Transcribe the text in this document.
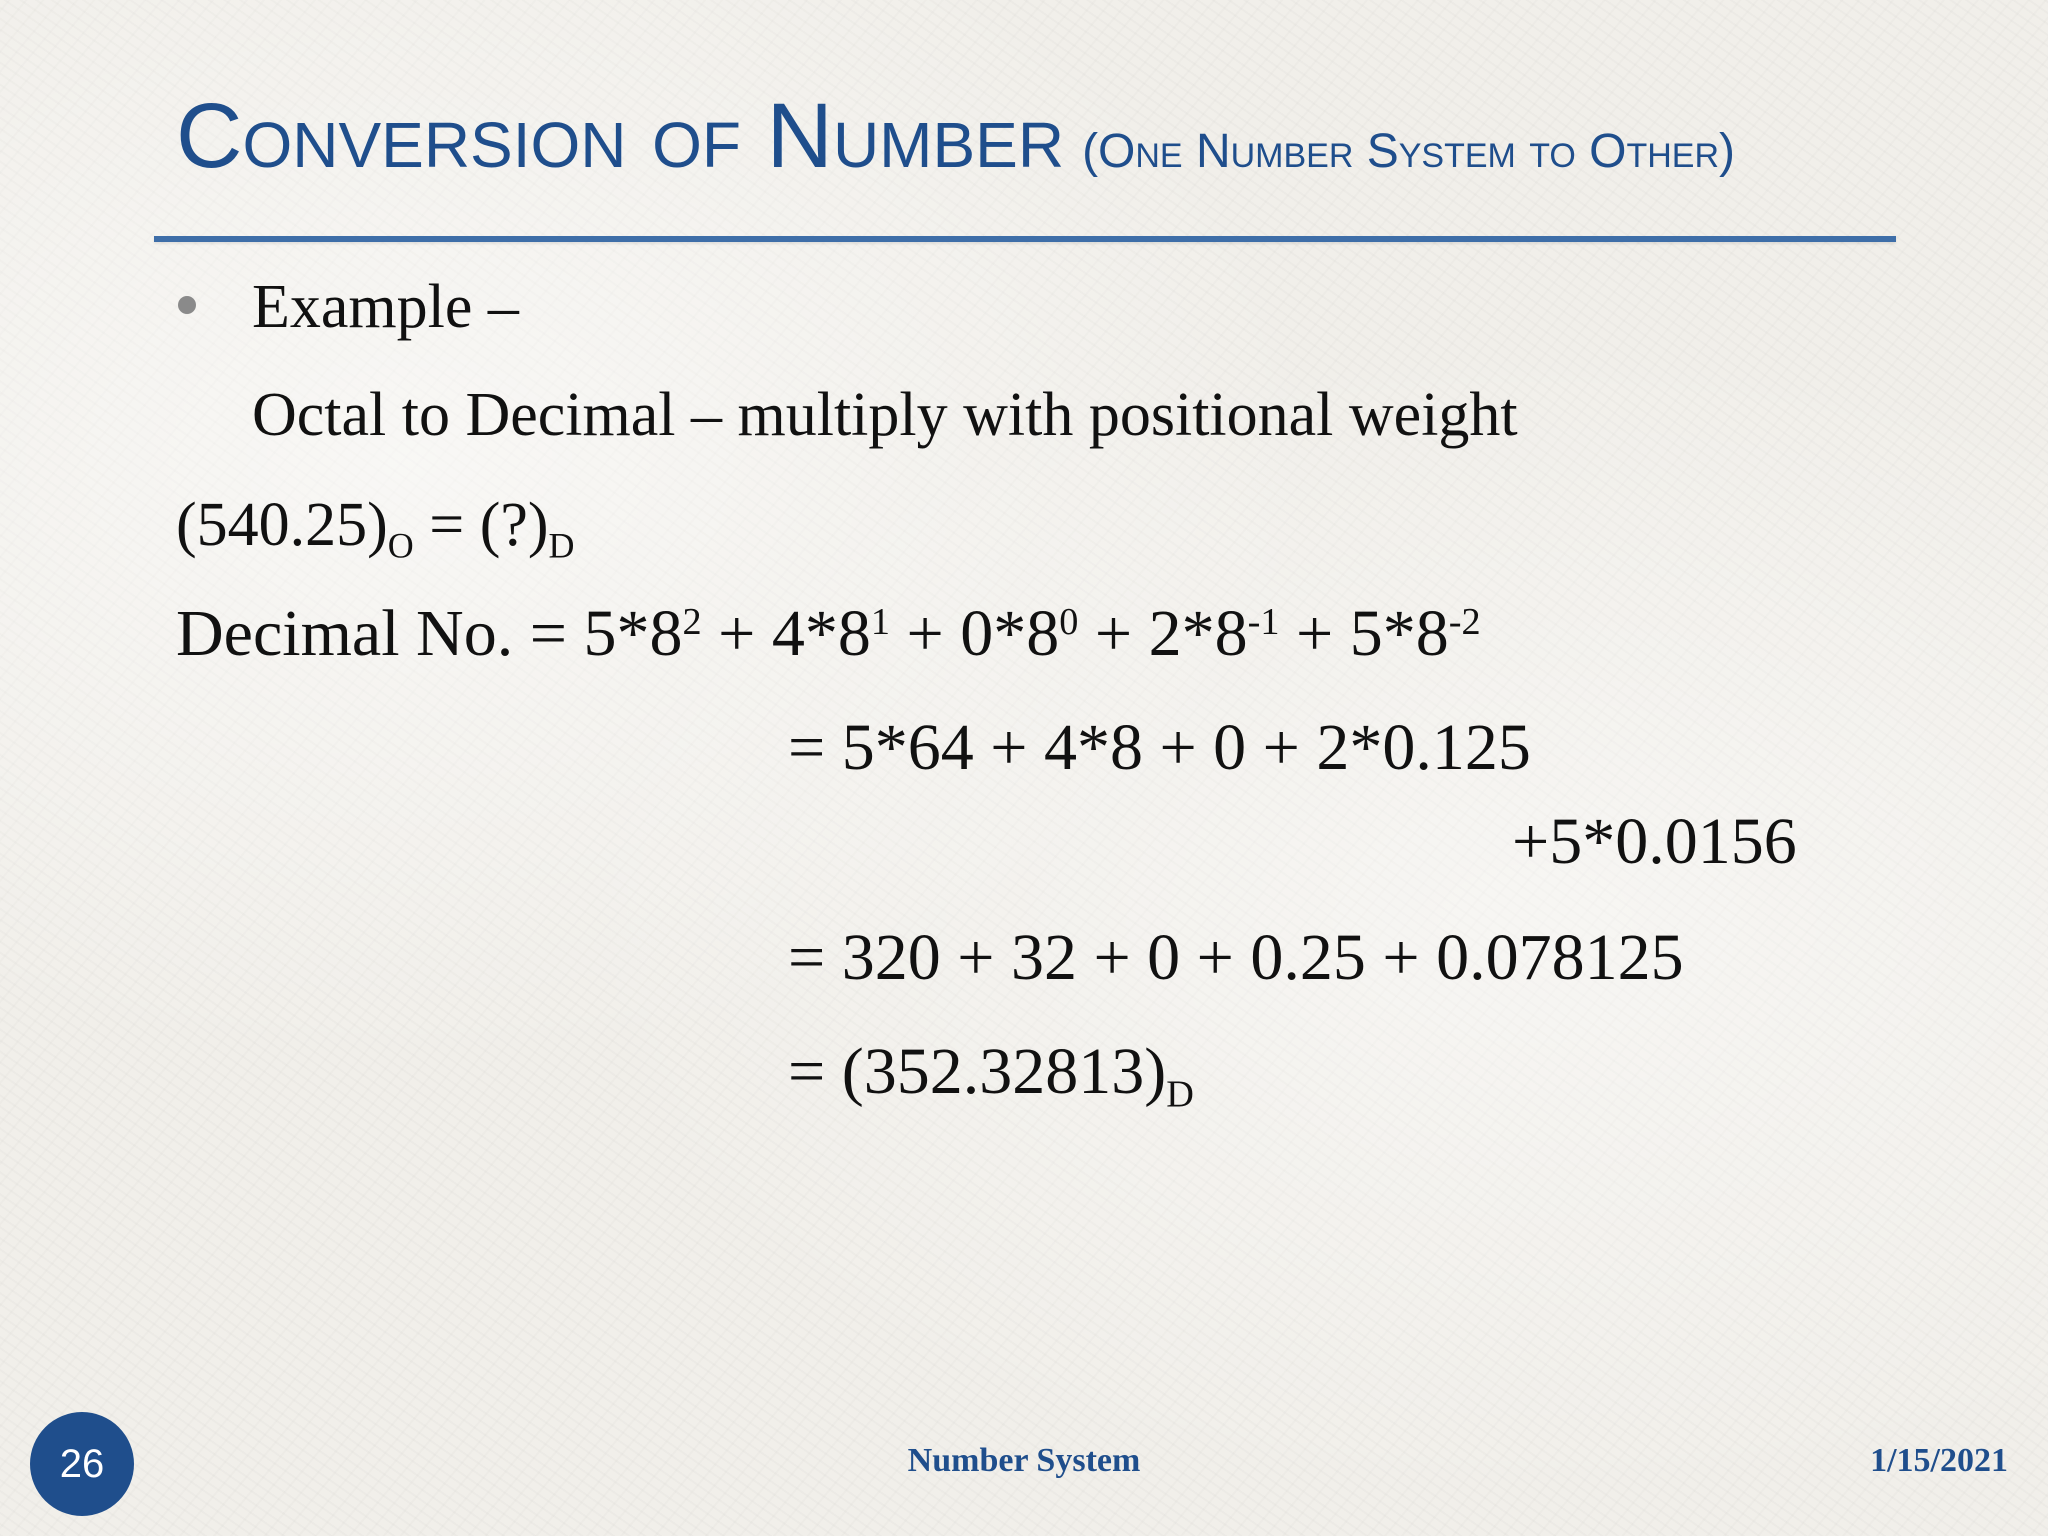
Conversion of Number (One Number System to Other)
Example –
Octal to Decimal – multiply with positional weight
$(540.25)_O$ = $(?)_D$
Decimal No. = $5*8^2 + 4*8^1 + 0*8^0 + 2*8^{-1} + 5*8^{-2}$
= 5*64 + 4*8 + 0 + 2*0.125
+5*0.0156
= 320 + 32 + 0 + 0.25 + 0.078125
= $(352.32813)_D$
26	Number System	1/15/2021
